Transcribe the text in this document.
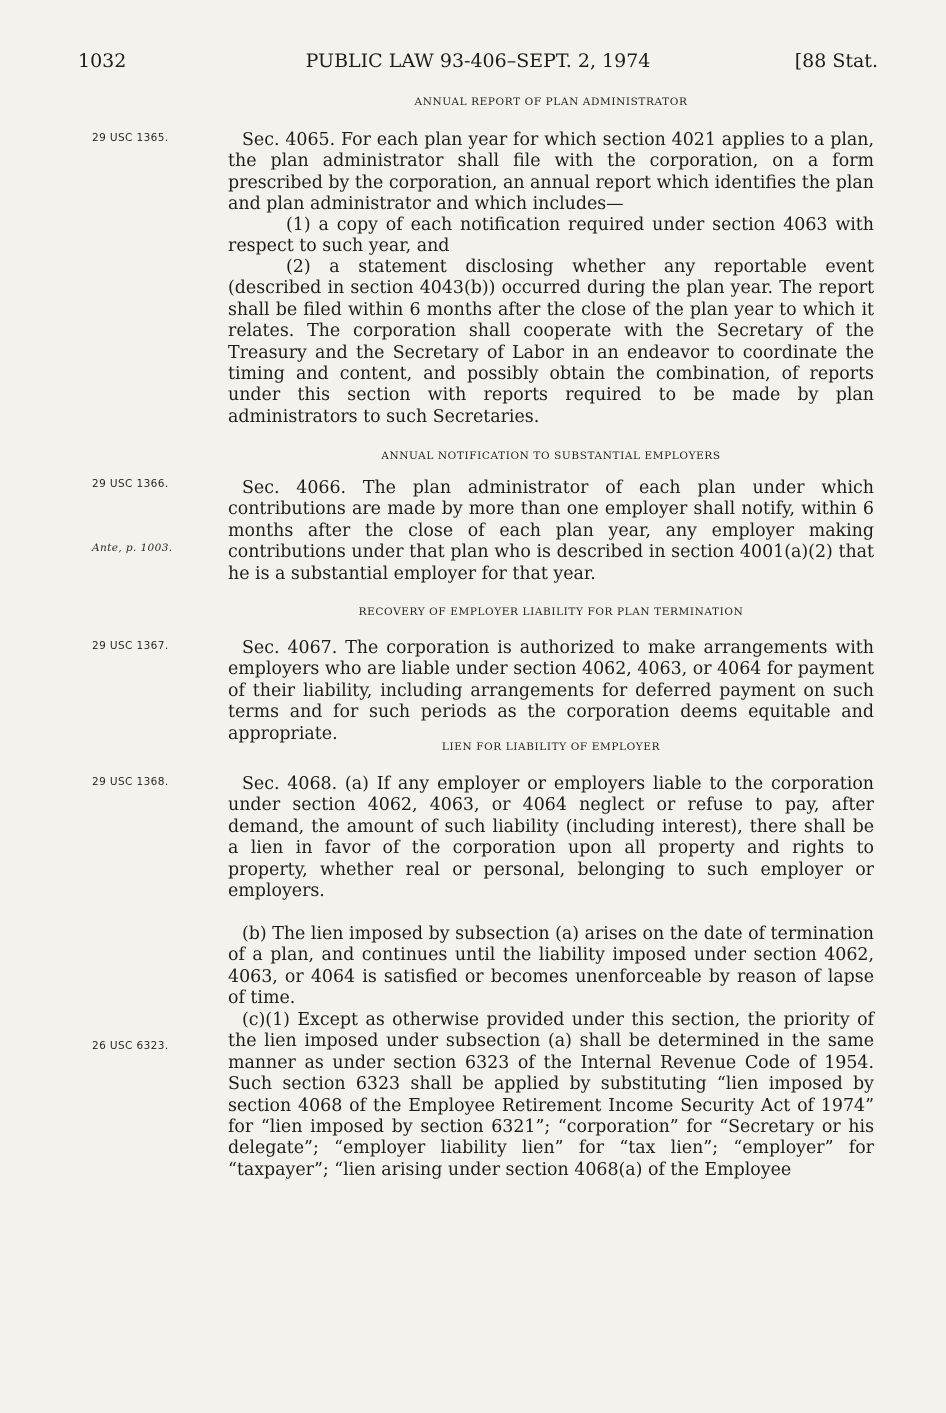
1032	PUBLIC LAW 93-406–SEPT. 2, 1974	[88 Stat.
ANNUAL REPORT OF PLAN ADMINISTRATOR
29 USC 1365.	Sec. 4065. For each plan year for which section 4021 applies to a plan, the plan administrator shall file with the corporation, on a form prescribed by the corporation, an annual report which identifies the plan and plan administrator and which includes—

(1) a copy of each notification required under section 4063 with respect to such year, and

(2) a statement disclosing whether any reportable event (described in section 4043(b)) occurred during the plan year. The report shall be filed within 6 months after the close of the plan year to which it relates. The corporation shall cooperate with the Secretary of the Treasury and the Secretary of Labor in an endeavor to coordinate the timing and content, and possibly obtain the combination, of reports under this section with reports required to be made by plan administrators to such Secretaries.

ANNUAL NOTIFICATION TO SUBSTANTIAL EMPLOYERS
29 USC 1366.
Ante, p. 1003.

Sec. 4066. The plan administrator of each plan under which contributions are made by more than one employer shall notify, within 6 months after the close of each plan year, any employer making contributions under that plan who is described in section 4001(a)(2) that he is a substantial employer for that year.

RECOVERY OF EMPLOYER LIABILITY FOR PLAN TERMINATION
29 USC 1367.	Sec. 4067. The corporation is authorized to make arrangements with employers who are liable under section 4062, 4063, or 4064 for payment of their liability, including arrangements for deferred payment on such terms and for such periods as the corporation deems equitable and appropriate.

LIEN FOR LIABILITY OF EMPLOYER
29 USC 1368.
26 USC 6323.

Sec. 4068. (a) If any employer or employers liable to the corporation under section 4062, 4063, or 4064 neglect or refuse to pay, after demand, the amount of such liability (including interest), there shall be a lien in favor of the corporation upon all property and rights to property, whether real or personal, belonging to such employer or employers.

(b) The lien imposed by subsection (a) arises on the date of termination of a plan, and continues until the liability imposed under section 4062, 4063, or 4064 is satisfied or becomes unenforceable by reason of lapse of time.

(c)(1) Except as otherwise provided under this section, the priority of the lien imposed under subsection (a) shall be determined in the same manner as under section 6323 of the Internal Revenue Code of 1954. Such section 6323 shall be applied by substituting “lien imposed by section 4068 of the Employee Retirement Income Security Act of 1974” for “lien imposed by section 6321”; “corporation” for “Secretary or his delegate”; “employer liability lien” for “tax lien”; “employer” for “taxpayer”; “lien arising under section 4068(a) of the Employee
